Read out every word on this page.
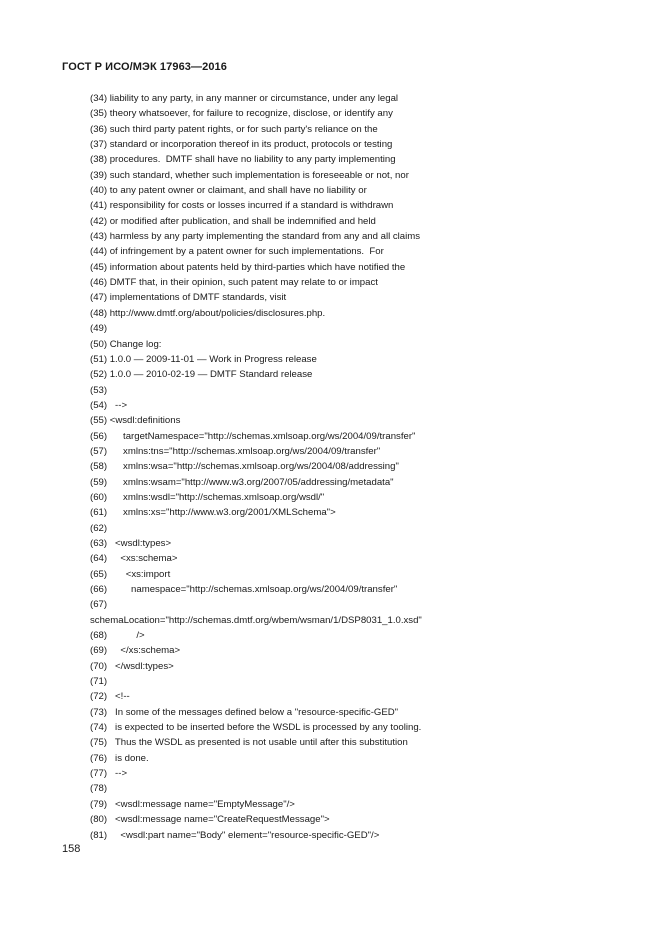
ГОСТ Р ИСО/МЭК 17963—2016
(34) liability to any party, in any manner or circumstance, under any legal
(35) theory whatsoever, for failure to recognize, disclose, or identify any
(36) such third party patent rights, or for such party's reliance on the
(37) standard or incorporation thereof in its product, protocols or testing
(38) procedures.  DMTF shall have no liability to any party implementing
(39) such standard, whether such implementation is foreseeable or not, nor
(40) to any patent owner or claimant, and shall have no liability or
(41) responsibility for costs or losses incurred if a standard is withdrawn
(42) or modified after publication, and shall be indemnified and held
(43) harmless by any party implementing the standard from any and all claims
(44) of infringement by a patent owner for such implementations.  For
(45) information about patents held by third-parties which have notified the
(46) DMTF that, in their opinion, such patent may relate to or impact
(47) implementations of DMTF standards, visit
(48) http://www.dmtf.org/about/policies/disclosures.php.
(49)
(50) Change log:
(51) 1.0.0 — 2009-11-01 — Work in Progress release
(52) 1.0.0 — 2010-02-19 — DMTF Standard release
(53)
(54)   -->
(55) <wsdl:definitions
(56)      targetNamespace="http://schemas.xmlsoap.org/ws/2004/09/transfer"
(57)      xmlns:tns="http://schemas.xmlsoap.org/ws/2004/09/transfer"
(58)      xmlns:wsa="http://schemas.xmlsoap.org/ws/2004/08/addressing"
(59)      xmlns:wsam="http://www.w3.org/2007/05/addressing/metadata"
(60)      xmlns:wsdl="http://schemas.xmlsoap.org/wsdl/"
(61)      xmlns:xs="http://www.w3.org/2001/XMLSchema">
(62)
(63)   <wsdl:types>
(64)     <xs:schema>
(65)       <xs:import
(66)         namespace="http://schemas.xmlsoap.org/ws/2004/09/transfer"
(67)
schemaLocation="http://schemas.dmtf.org/wbem/wsman/1/DSP8031_1.0.xsd"
(68)           />
(69)     </xs:schema>
(70)   </wsdl:types>
(71)
(72)   <!--
(73)   In some of the messages defined below a "resource-specific-GED"
(74)   is expected to be inserted before the WSDL is processed by any tooling.
(75)   Thus the WSDL as presented is not usable until after this substitution
(76)   is done.
(77)   -->
(78)
(79)   <wsdl:message name="EmptyMessage"/>
(80)   <wsdl:message name="CreateRequestMessage">
(81)     <wsdl:part name="Body" element="resource-specific-GED"/>
158
